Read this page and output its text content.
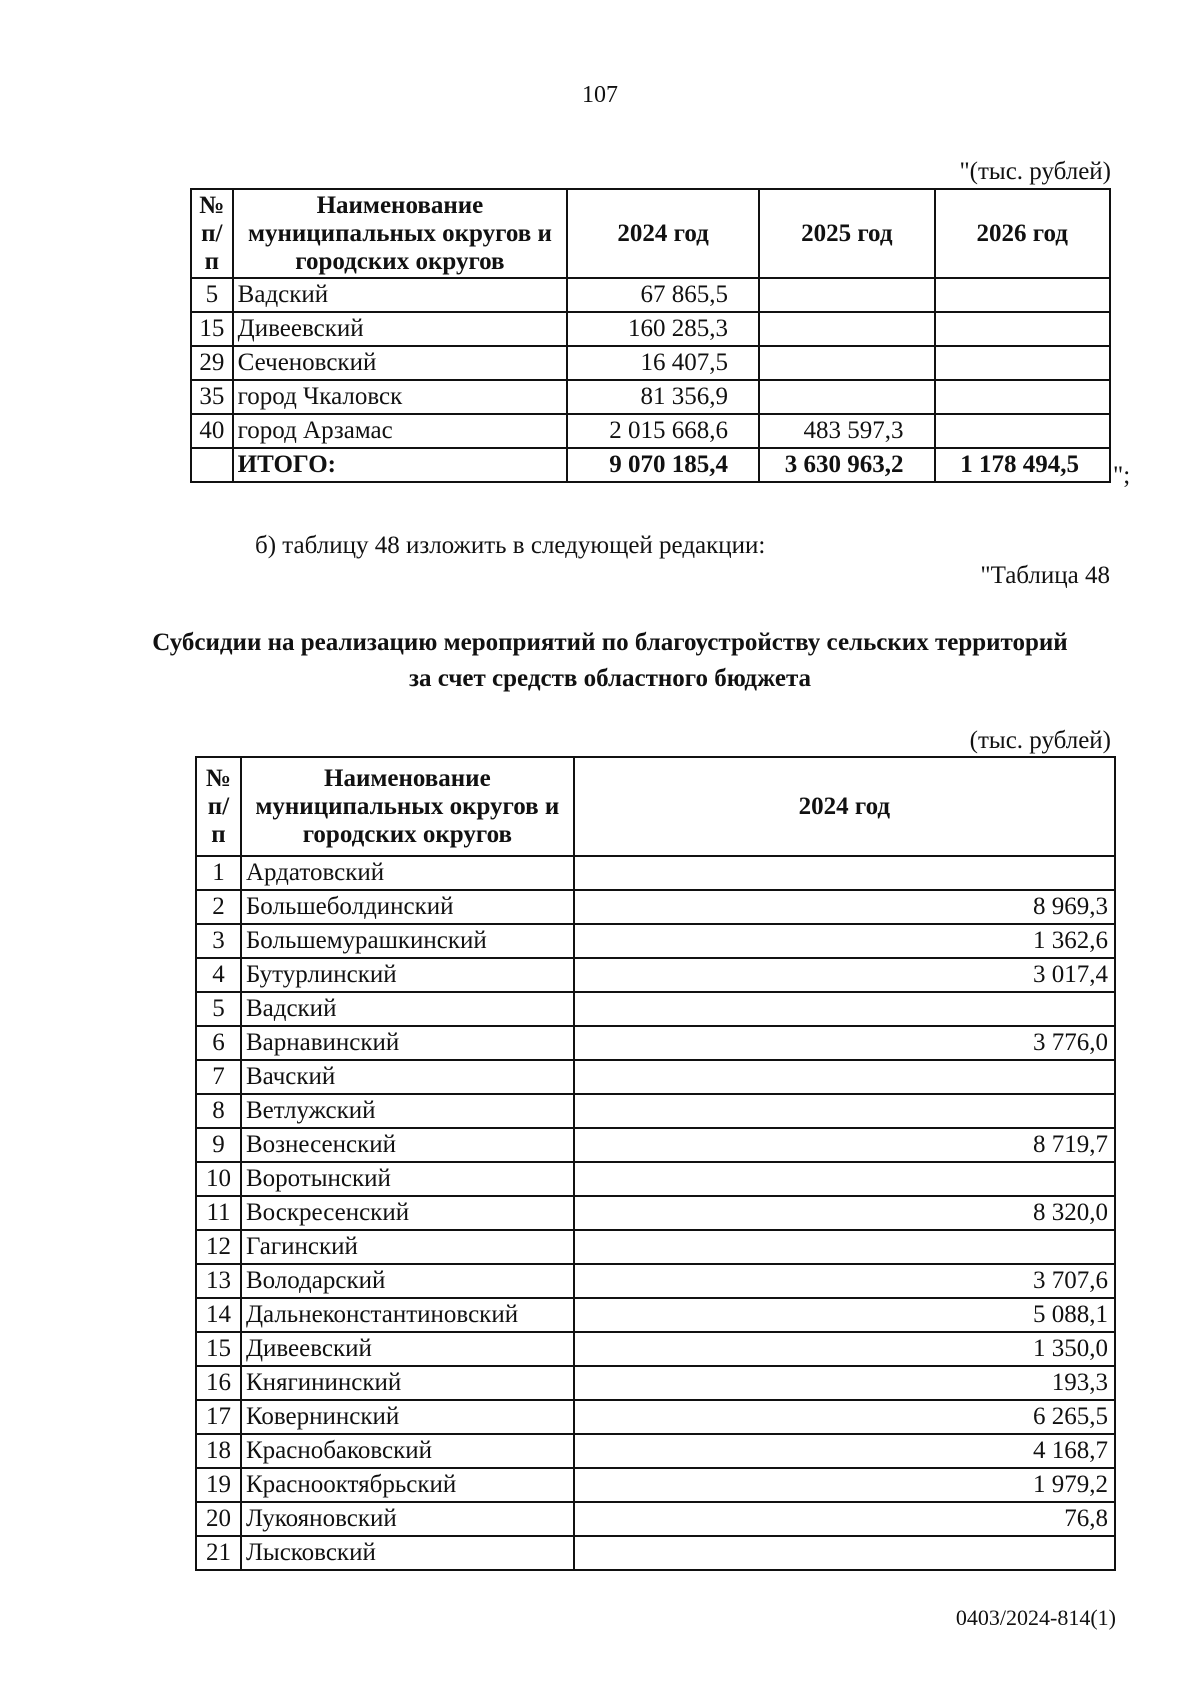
107
"(тыс. рублей)
№ п/п	Наименование муниципальных округов и городских округов	2024 год	2025 год	2026 год
5	Вадский	67 865,5		
15	Дивеевский	160 285,3		
29	Сеченовский	16 407,5		
35	город Чкаловск	81 356,9		
40	город Арзамас	2 015 668,6	483 597,3	
	ИТОГО:	9 070 185,4	3 630 963,2	1 178 494,5 ";
б) таблицу 48 изложить в следующей редакции:
"Таблица 48
Субсидии на реализацию мероприятий по благоустройству сельских территорий за счет средств областного бюджета
(тыс. рублей)
№ п/п	Наименование муниципальных округов и городских округов	2024 год
1	Ардатовский	
2	Большеболдинский	8 969,3
3	Большемурашкинский	1 362,6
4	Бутурлинский	3 017,4
5	Вадский	
6	Варнавинский	3 776,0
7	Вачский	
8	Ветлужский	
9	Вознесенский	8 719,7
10	Воротынский	
11	Воскресенский	8 320,0
12	Гагинский	
13	Володарский	3 707,6
14	Дальнеконстантиновский	5 088,1
15	Дивеевский	1 350,0
16	Княгининский	193,3
17	Ковернинский	6 265,5
18	Краснобаковский	4 168,7
19	Краснооктябрьский	1 979,2
20	Лукояновский	76,8
21	Лысковский	
0403/2024-814(1)
